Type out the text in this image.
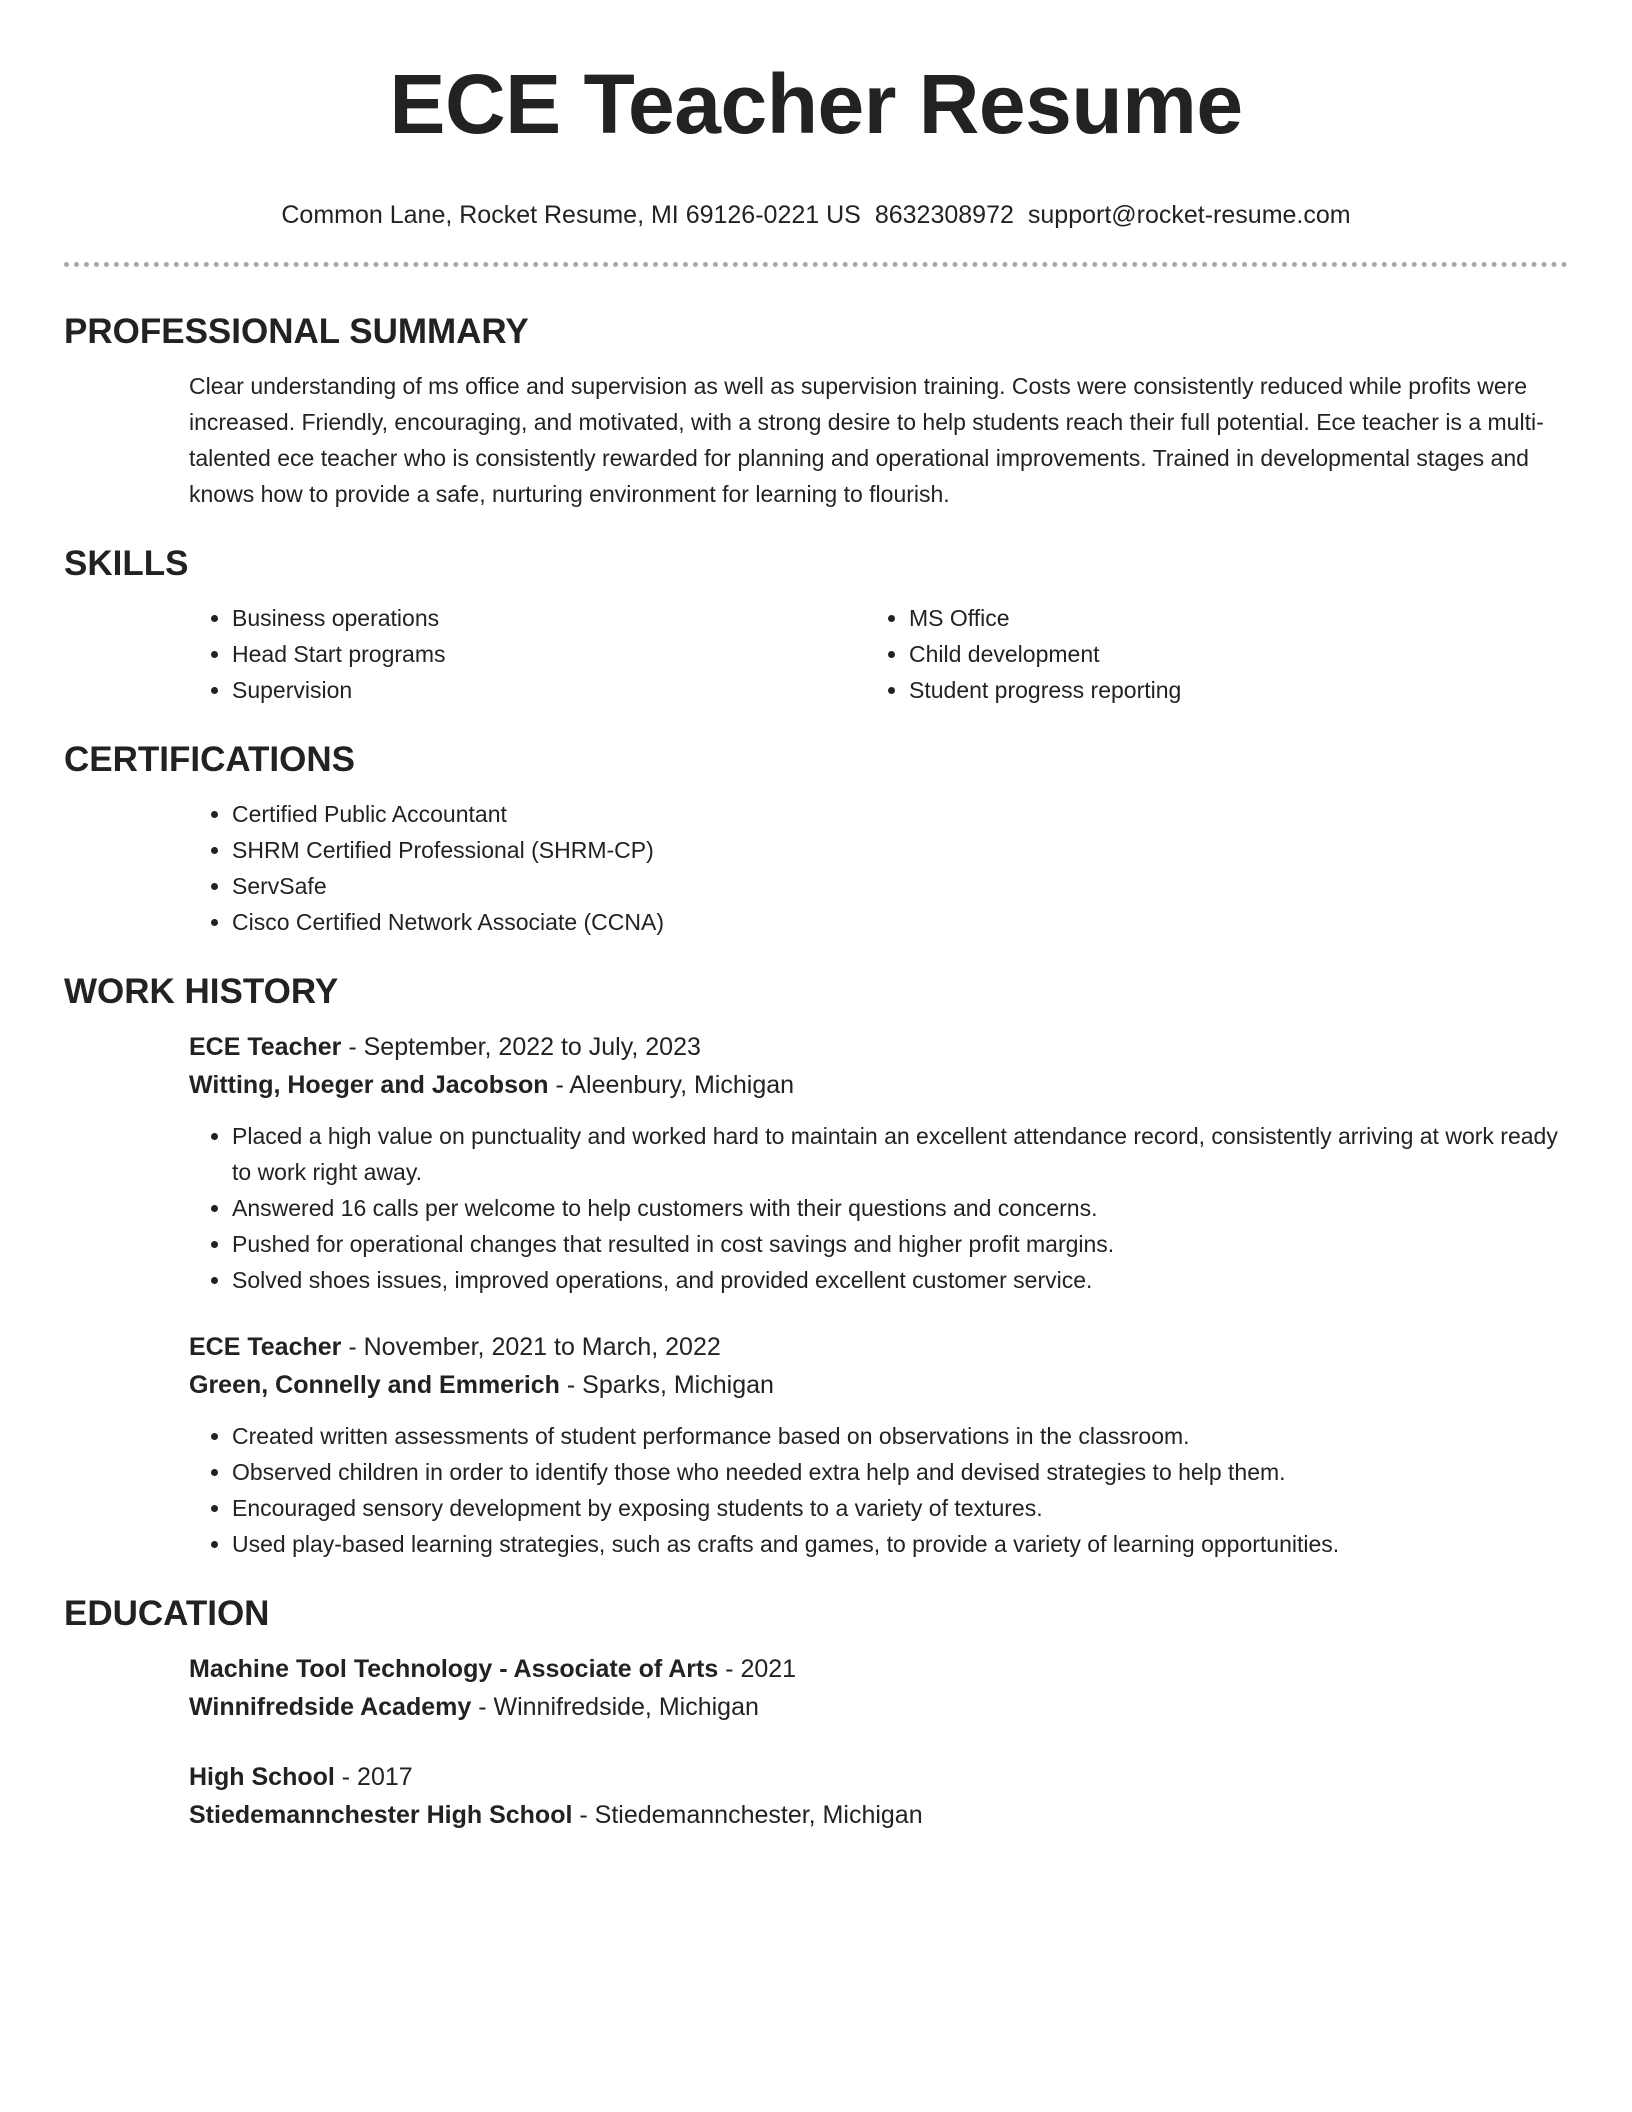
ECE Teacher Resume
Common Lane, Rocket Resume, MI 69126-0221 US 8632308972 support@rocket-resume.com
PROFESSIONAL SUMMARY

Clear understanding of ms office and supervision as well as supervision training. Costs were consistently reduced while profits were increased. Friendly, encouraging, and motivated, with a strong desire to help students reach their full potential. Ece teacher is a multi-talented ece teacher who is consistently rewarded for planning and operational improvements. Trained in developmental stages and knows how to provide a safe, nurturing environment for learning to flourish.

SKILLS
• Business operations
• Head Start programs
• Supervision
• MS Office
• Child development
• Student progress reporting
CERTIFICATIONS
• Certified Public Accountant
• SHRM Certified Professional (SHRM-CP)
• ServSafe
• Cisco Certified Network Associate (CCNA)
WORK HISTORY
ECE Teacher - September, 2022 to July, 2023
Witting, Hoeger and Jacobson - Aleenbury, Michigan
• Placed a high value on punctuality and worked hard to maintain an excellent attendance record, consistently arriving at work ready to work right away.
• Answered 16 calls per welcome to help customers with their questions and concerns.
• Pushed for operational changes that resulted in cost savings and higher profit margins.
• Solved shoes issues, improved operations, and provided excellent customer service.
ECE Teacher - November, 2021 to March, 2022
Green, Connelly and Emmerich - Sparks, Michigan
• Created written assessments of student performance based on observations in the classroom.
• Observed children in order to identify those who needed extra help and devised strategies to help them.
• Encouraged sensory development by exposing students to a variety of textures.
• Used play-based learning strategies, such as crafts and games, to provide a variety of learning opportunities.
EDUCATION
Machine Tool Technology - Associate of Arts - 2021
Winnifredside Academy - Winnifredside, Michigan
High School - 2017
Stiedemannchester High School - Stiedemannchester, Michigan
